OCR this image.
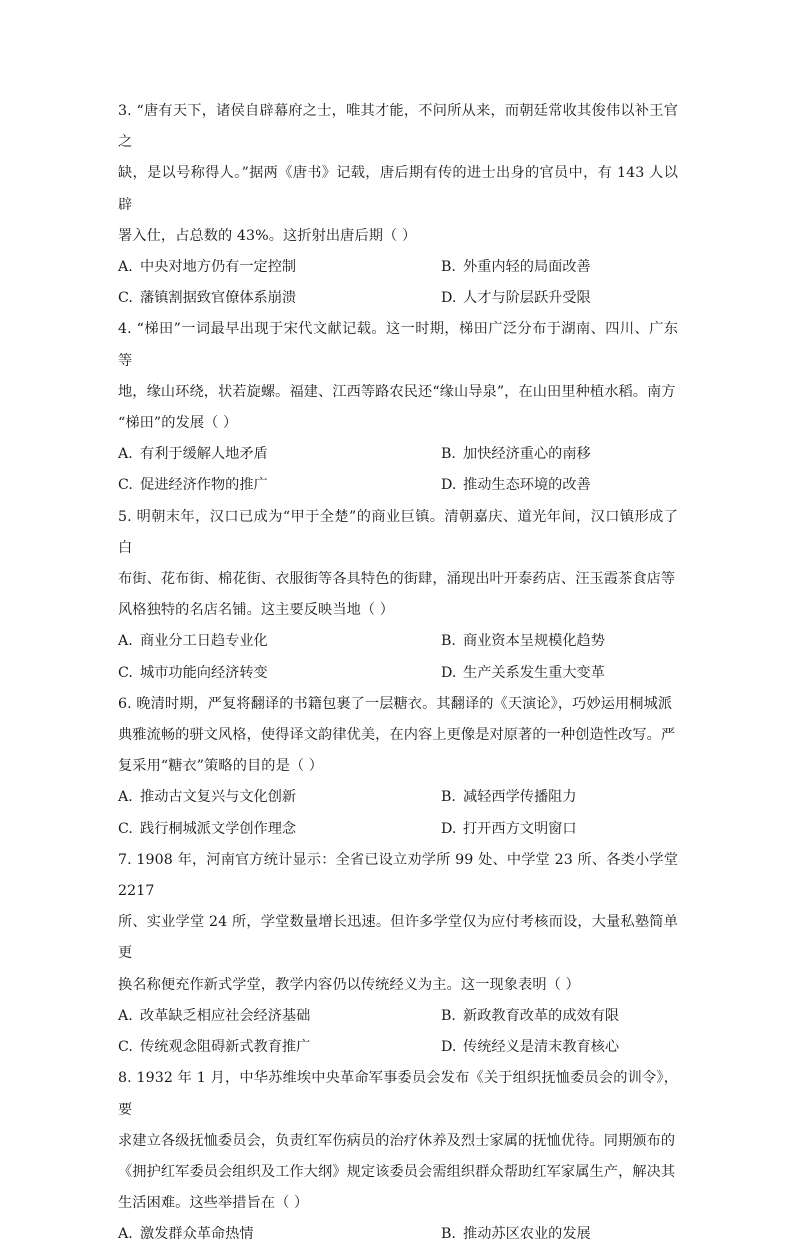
3. “唐有天下，诸侯自辟幕府之士，唯其才能，不问所从来，而朝廷常收其俊伟以补王官之
缺，是以号称得人。”据两《唐书》记载，唐后期有传的进士出身的官员中，有 143 人以辟
署入仕，占总数的 43%。这折射出唐后期（ ）

A. 中央对地方仍有一定控制	B. 外重内轻的局面改善
C. 藩镇割据致官僚体系崩溃	D. 人才与阶层跃升受限

4. “梯田”一词最早出现于宋代文献记载。这一时期，梯田广泛分布于湖南、四川、广东等
地，缘山环绕，状若旋螺。福建、江西等路农民还“缘山导泉”，在山田里种植水稻。南方
“梯田”的发展（ ）

A. 有利于缓解人地矛盾	B. 加快经济重心的南移
C. 促进经济作物的推广	D. 推动生态环境的改善

5. 明朝末年，汉口已成为“甲于全楚”的商业巨镇。清朝嘉庆、道光年间，汉口镇形成了白
布街、花布街、棉花街、衣服街等各具特色的街肆，涌现出叶开泰药店、汪玉霞茶食店等
风格独特的名店名铺。这主要反映当地（ ）

A. 商业分工日趋专业化	B. 商业资本呈规模化趋势
C. 城市功能向经济转变	D. 生产关系发生重大变革

6. 晚清时期，严复将翻译的书籍包裹了一层糖衣。其翻译的《天演论》，巧妙运用桐城派
典雅流畅的骈文风格，使得译文韵律优美，在内容上更像是对原著的一种创造性改写。严
复采用“糖衣”策略的目的是（ ）

A. 推动古文复兴与文化创新	B. 减轻西学传播阻力
C. 践行桐城派文学创作理念	D. 打开西方文明窗口

7. 1908 年，河南官方统计显示：全省已设立劝学所 99 处、中学堂 23 所、各类小学堂 2217
所、实业学堂 24 所，学堂数量增长迅速。但许多学堂仅为应付考核而设，大量私塾简单更
换名称便充作新式学堂，教学内容仍以传统经义为主。这一现象表明（ ）

A. 改革缺乏相应社会经济基础	B. 新政教育改革的成效有限
C. 传统观念阻碍新式教育推广	D. 传统经义是清末教育核心

8. 1932 年 1 月，中华苏维埃中央革命军事委员会发布《关于组织抚恤委员会的训令》，要
求建立各级抚恤委员会，负责红军伤病员的治疗休养及烈士家属的抚恤优待。同期颁布的
《拥护红军委员会组织及工作大纲》规定该委员会需组织群众帮助红军家属生产，解决其
生活困难。这些举措旨在（ ）

A. 激发群众革命热情	B. 推动苏区农业的发展
